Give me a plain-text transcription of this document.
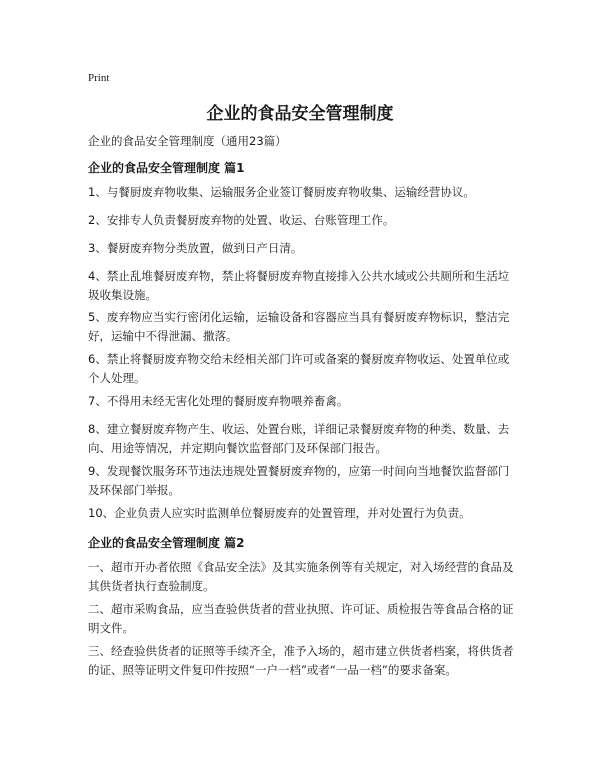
Print
企业的食品安全管理制度
企业的食品安全管理制度（通用23篇）
企业的食品安全管理制度 篇1
1、与餐厨废弃物收集、运输服务企业签订餐厨废弃物收集、运输经营协议。
2、安排专人负责餐厨废弃物的处置、收运、台账管理工作。
3、餐厨废弃物分类放置，做到日产日清。
4、禁止乱堆餐厨废弃物，禁止将餐厨废弃物直接排入公共水域或公共厕所和生活垃圾收集设施。
5、废弃物应当实行密闭化运输，运输设备和容器应当具有餐厨废弃物标识，整洁完好，运输中不得泄漏、撒落。
6、禁止将餐厨废弃物交给未经相关部门许可或备案的餐厨废弃物收运、处置单位或个人处理。
7、不得用未经无害化处理的餐厨废弃物喂养畜禽。
8、建立餐厨废弃物产生、收运、处置台账，详细记录餐厨废弃物的种类、数量、去向、用途等情况，并定期向餐饮监督部门及环保部门报告。
9、发现餐饮服务环节违法违规处置餐厨废弃物的，应第一时间向当地餐饮监督部门及环保部门举报。
10、企业负责人应实时监测单位餐厨废弃的处置管理，并对处置行为负责。
企业的食品安全管理制度 篇2
一、超市开办者依照《食品安全法》及其实施条例等有关规定，对入场经营的食品及其供货者执行查验制度。
二、超市采购食品，应当查验供货者的营业执照、许可证、质检报告等食品合格的证明文件。
三、经查验供货者的证照等手续齐全，准予入场的，超市建立供货者档案，将供货者的证、照等证明文件复印件按照“一户一档”或者“一品一档”的要求备案。
